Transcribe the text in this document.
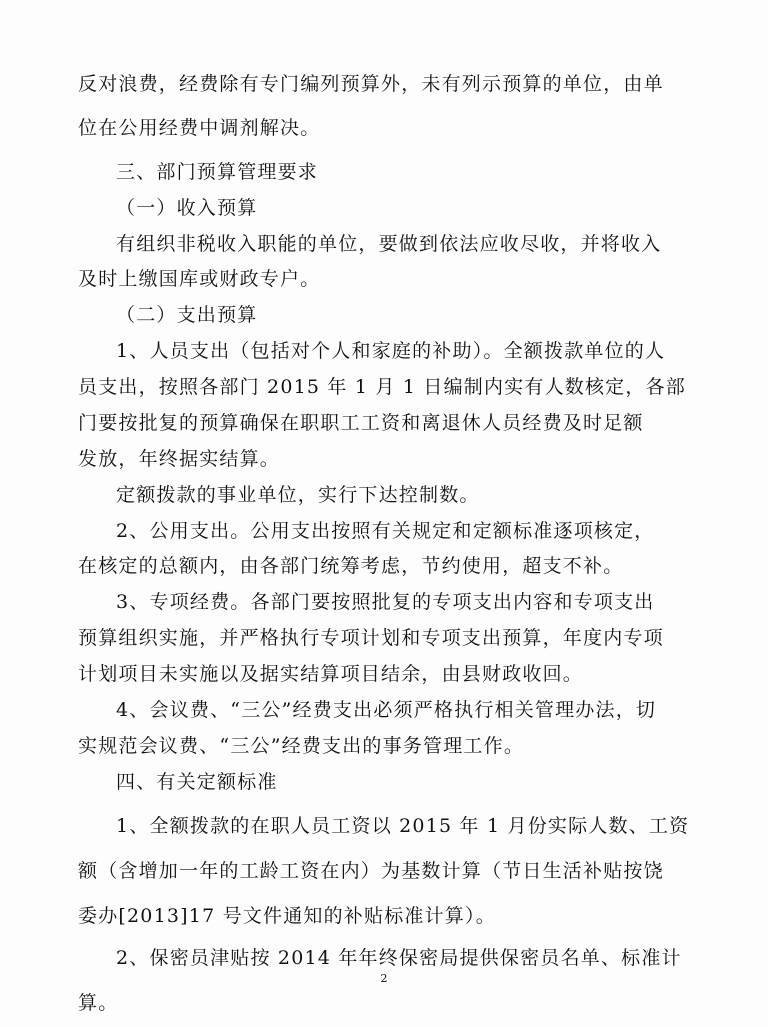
反对浪费，经费除有专门编列预算外，未有列示预算的单位，由单
位在公用经费中调剂解决。
三、部门预算管理要求
（一）收入预算
有组织非税收入职能的单位，要做到依法应收尽收，并将收入
及时上缴国库或财政专户。
（二）支出预算
1、人员支出（包括对个人和家庭的补助）。全额拨款单位的人
员支出，按照各部门 2015 年 1 月 1 日编制内实有人数核定，各部
门要按批复的预算确保在职职工工资和离退休人员经费及时足额
发放，年终据实结算。
定额拨款的事业单位，实行下达控制数。
2、公用支出。公用支出按照有关规定和定额标准逐项核定，
在核定的总额内，由各部门统筹考虑，节约使用，超支不补。
3、专项经费。各部门要按照批复的专项支出内容和专项支出
预算组织实施，并严格执行专项计划和专项支出预算，年度内专项
计划项目未实施以及据实结算项目结余，由县财政收回。
4、会议费、“三公”经费支出必须严格执行相关管理办法，切
实规范会议费、“三公”经费支出的事务管理工作。
四、有关定额标准
1、全额拨款的在职人员工资以 2015 年 1 月份实际人数、工资
额（含增加一年的工龄工资在内）为基数计算（节日生活补贴按饶
委办[2013]17 号文件通知的补贴标准计算）。
2、保密员津贴按 2014 年年终保密局提供保密员名单、标准计
算。
2
